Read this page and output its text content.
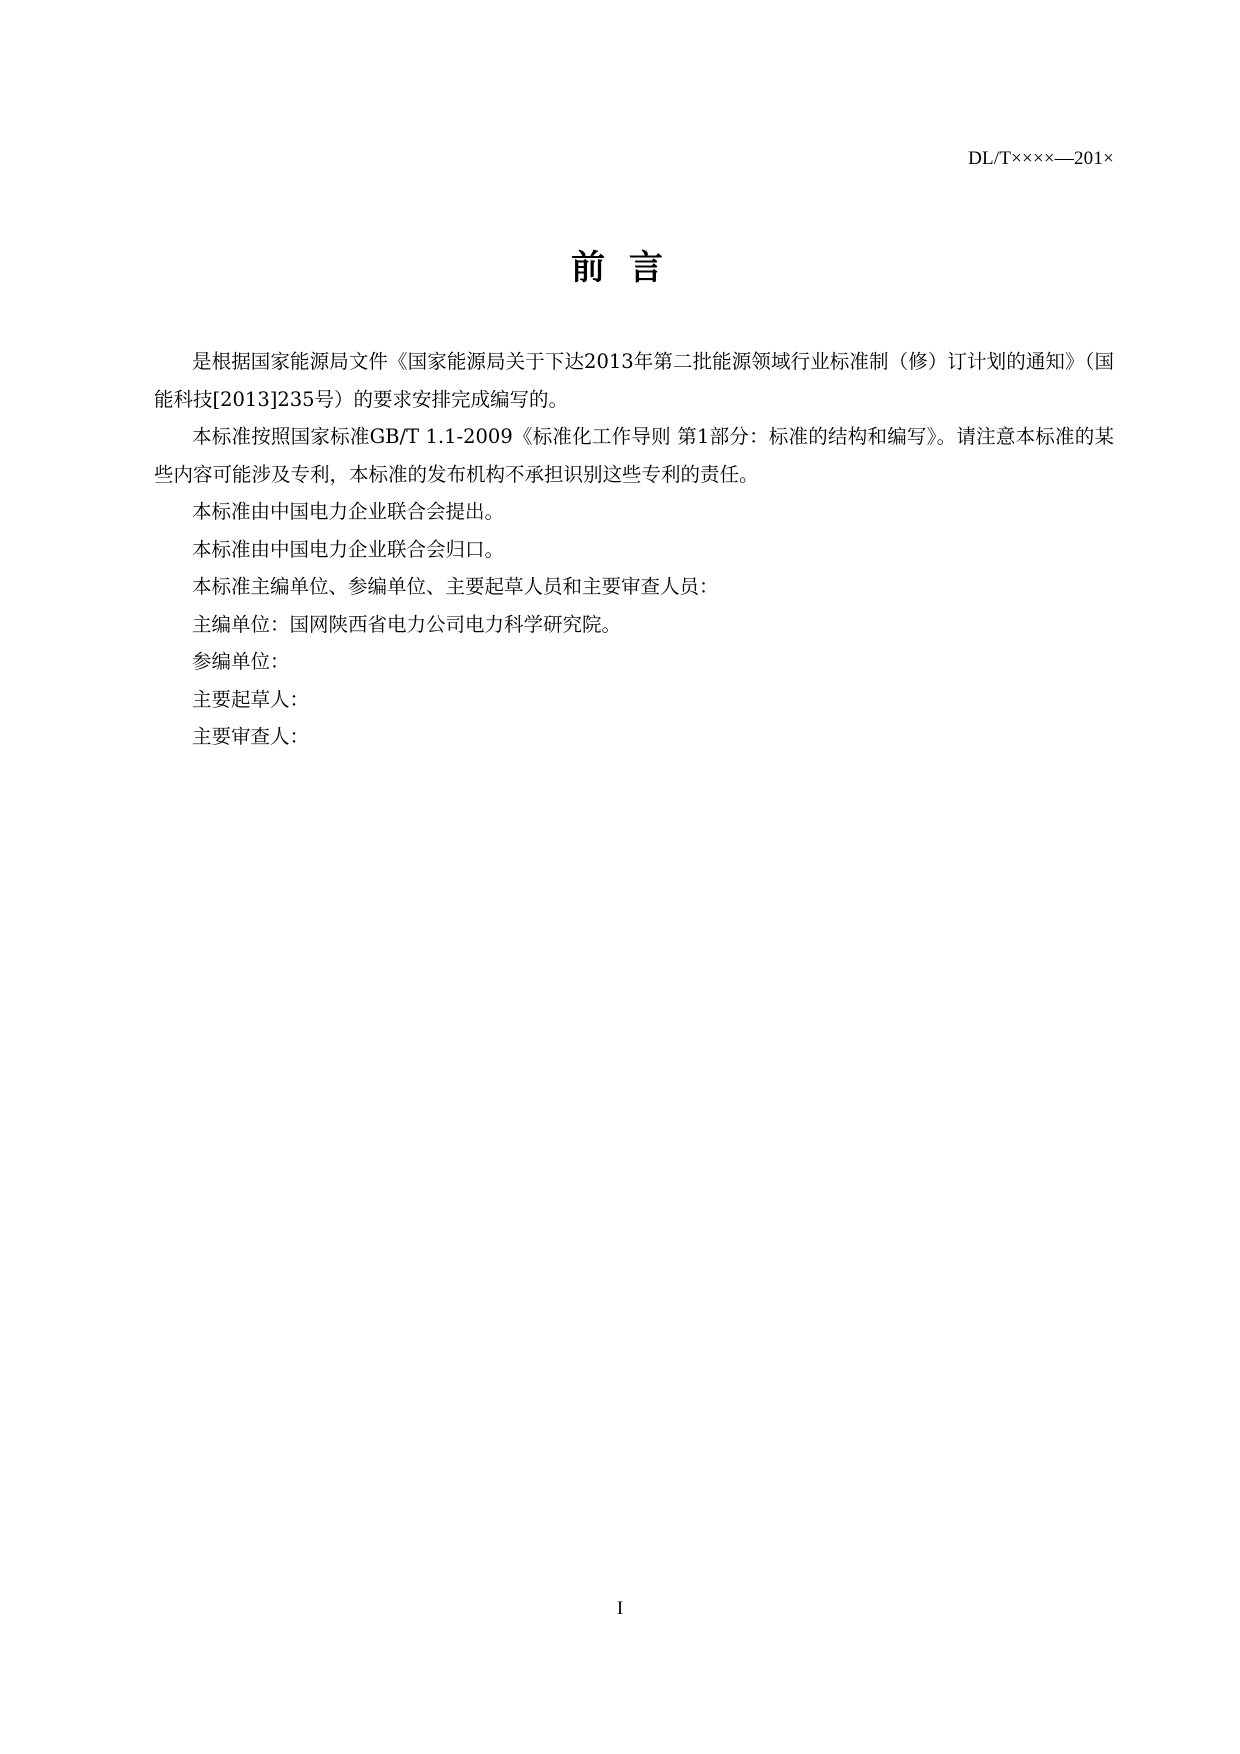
DL/T××××—201×
前 言

是根据国家能源局文件《国家能源局关于下达2013年第二批能源领域行业标准制（修）订计划的通知》（国能科技[2013]235号）的要求安排完成编写的。

本标准按照国家标准GB/T 1.1-2009《标准化工作导则 第1部分：标准的结构和编写》。请注意本标准的某些内容可能涉及专利，本标准的发布机构不承担识别这些专利的责任。

本标准由中国电力企业联合会提出。

本标准由中国电力企业联合会归口。

本标准主编单位、参编单位、主要起草人员和主要审查人员：

主编单位：国网陕西省电力公司电力科学研究院。

参编单位：

主要起草人：

主要审查人：

I
